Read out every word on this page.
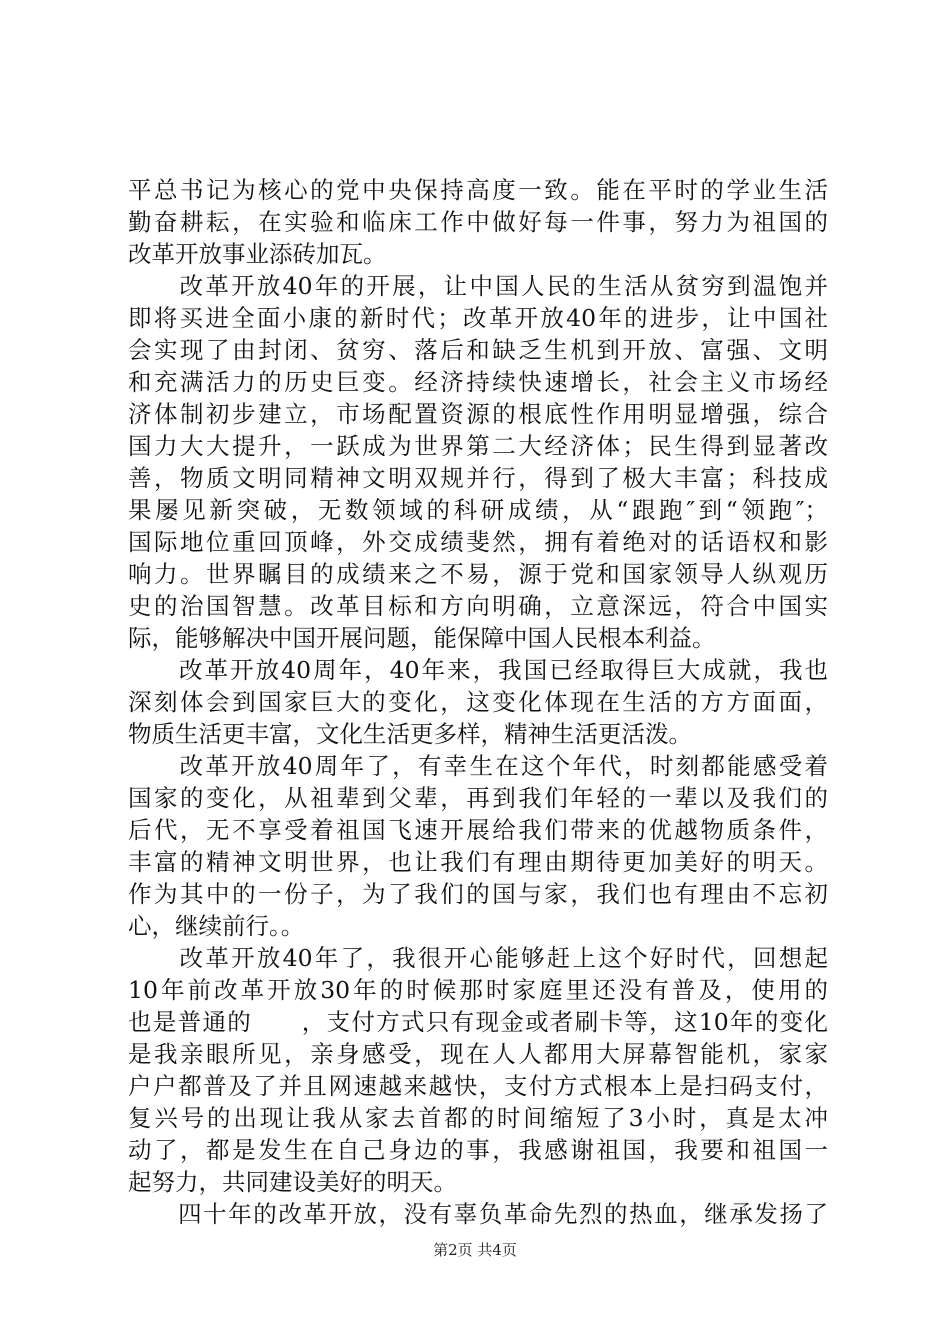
平总书记为核心的党中央保持高度一致。能在平时的学业生活
勤奋耕耘，在实验和临床工作中做好每一件事，努力为祖国的
改革开放事业添砖加瓦。
　　改革开放40年的开展，让中国人民的生活从贫穷到温饱并
即将买进全面小康的新时代；改革开放40年的进步，让中国社
会实现了由封闭、贫穷、落后和缺乏生机到开放、富强、文明
和充满活力的历史巨变。经济持续快速增长，社会主义市场经
济体制初步建立，市场配置资源的根底性作用明显增强，综合
国力大大提升，一跃成为世界第二大经济体；民生得到显著改
善，物质文明同精神文明双规并行，得到了极大丰富；科技成
果屡见新突破，无数领域的科研成绩，从“跟跑″到“领跑″；
国际地位重回顶峰，外交成绩斐然，拥有着绝对的话语权和影
响力。世界瞩目的成绩来之不易，源于党和国家领导人纵观历
史的治国智慧。改革目标和方向明确，立意深远，符合中国实
际，能够解决中国开展问题，能保障中国人民根本利益。
　　改革开放40周年，40年来，我国已经取得巨大成就，我也
深刻体会到国家巨大的变化，这变化体现在生活的方方面面，
物质生活更丰富，文化生活更多样，精神生活更活泼。
　　改革开放40周年了，有幸生在这个年代，时刻都能感受着
国家的变化，从祖辈到父辈，再到我们年轻的一辈以及我们的
后代，无不享受着祖国飞速开展给我们带来的优越物质条件，
丰富的精神文明世界，也让我们有理由期待更加美好的明天。
作为其中的一份子，为了我们的国与家，我们也有理由不忘初
心，继续前行。。
　　改革开放40年了，我很开心能够赶上这个好时代，回想起
10年前改革开放30年的时候那时家庭里还没有普及，使用的
也是普通的　　，支付方式只有现金或者刷卡等，这10年的变化
是我亲眼所见，亲身感受，现在人人都用大屏幕智能机，家家
户户都普及了并且网速越来越快，支付方式根本上是扫码支付，
复兴号的出现让我从家去首都的时间缩短了3小时，真是太冲
动了，都是发生在自己身边的事，我感谢祖国，我要和祖国一
起努力，共同建设美好的明天。
　　四十年的改革开放，没有辜负革命先烈的热血，继承发扬了
第2页 共4页
